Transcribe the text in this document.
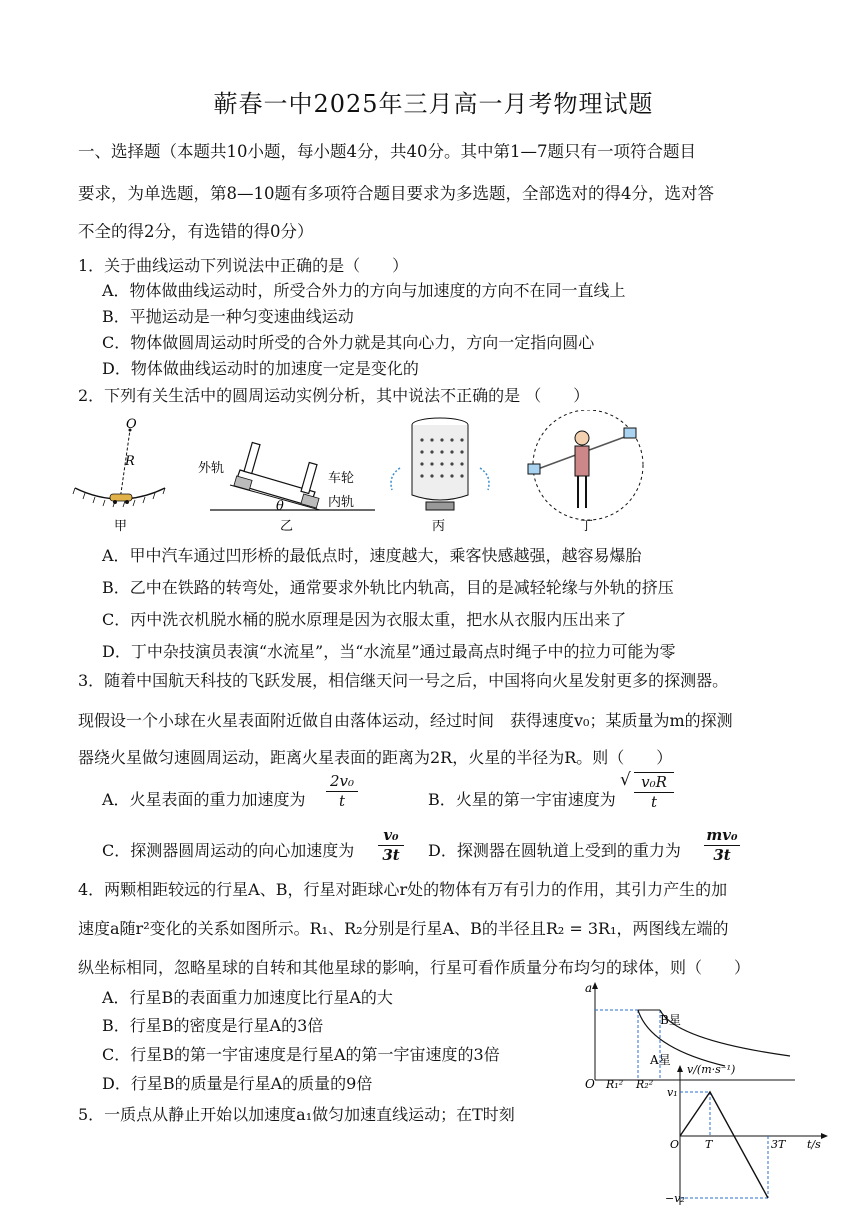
蕲春一中2025年三月高一月考物理试题
一、选择题（本题共10小题，每小题4分，共40分。其中第1—7题只有一项符合题目
要求，为单选题，第8—10题有多项符合题目要求为多选题，全部选对的得4分，选对答
不全的得2分，有选错的得0分）
1．关于曲线运动下列说法中正确的是（　　）
A．物体做曲线运动时，所受合外力的方向与加速度的方向不在同一直线上
B．平抛运动是一种匀变速曲线运动
C．物体做圆周运动时所受的合外力就是其向心力，方向一定指向圆心
D．物体做曲线运动时的加速度一定是变化的
2．下列有关生活中的圆周运动实例分析，其中说法不正确的是 （　　）
R
O
甲
外轨
车轮
内轨
θ
乙	丙	丁
A．甲中汽车通过凹形桥的最低点时，速度越大，乘客快感越强，越容易爆胎
B．乙中在铁路的转弯处，通常要求外轨比内轨高，目的是减轻轮缘与外轨的挤压
C．丙中洗衣机脱水桶的脱水原理是因为衣服太重，把水从衣服内压出来了
D．丁中杂技演员表演“水流星”，当“水流星”通过最高点时绳子中的拉力可能为零
3．随着中国航天科技的飞跃发展，相信继天问一号之后，中国将向火星发射更多的探测器。
现假设一个小球在火星表面附近做自由落体运动，经过时间　获得速度v₀；某质量为m的探测
器绕火星做匀速圆周运动，距离火星表面的距离为2R，火星的半径为R。则（　　）
A．火星表面的重力加速度为
2v₀
t	B．火星的第一宇宙速度为
√ v₀R
t
C．探测器圆周运动的向心加速度为
v₀
3t D．探测器在圆轨道上受到的重力为
mv₀
3t
4．两颗相距较远的行星A、B，行星对距球心r处的物体有万有引力的作用，其引力产生的加
速度a随r²变化的关系如图所示。R₁、R₂分别是行星A、B的半径且R₂ = 3R₁，两图线左端的
纵坐标相同，忽略星球的自转和其他星球的影响，行星可看作质量分布均匀的球体，则（　　）
A．行星B的表面重力加速度比行星A的大
B．行星B的密度是行星A的3倍
C．行星B的第一宇宙速度是行星A的第一宇宙速度的3倍
D．行星B的质量是行星A的质量的9倍
a
O
B星
A星
R₁² R₂²
5．一质点从静止开始以加速度a₁做匀加速直线运动；在T时刻
v/(m·s⁻¹)
v₁
−v₂
O T	3T t/s
